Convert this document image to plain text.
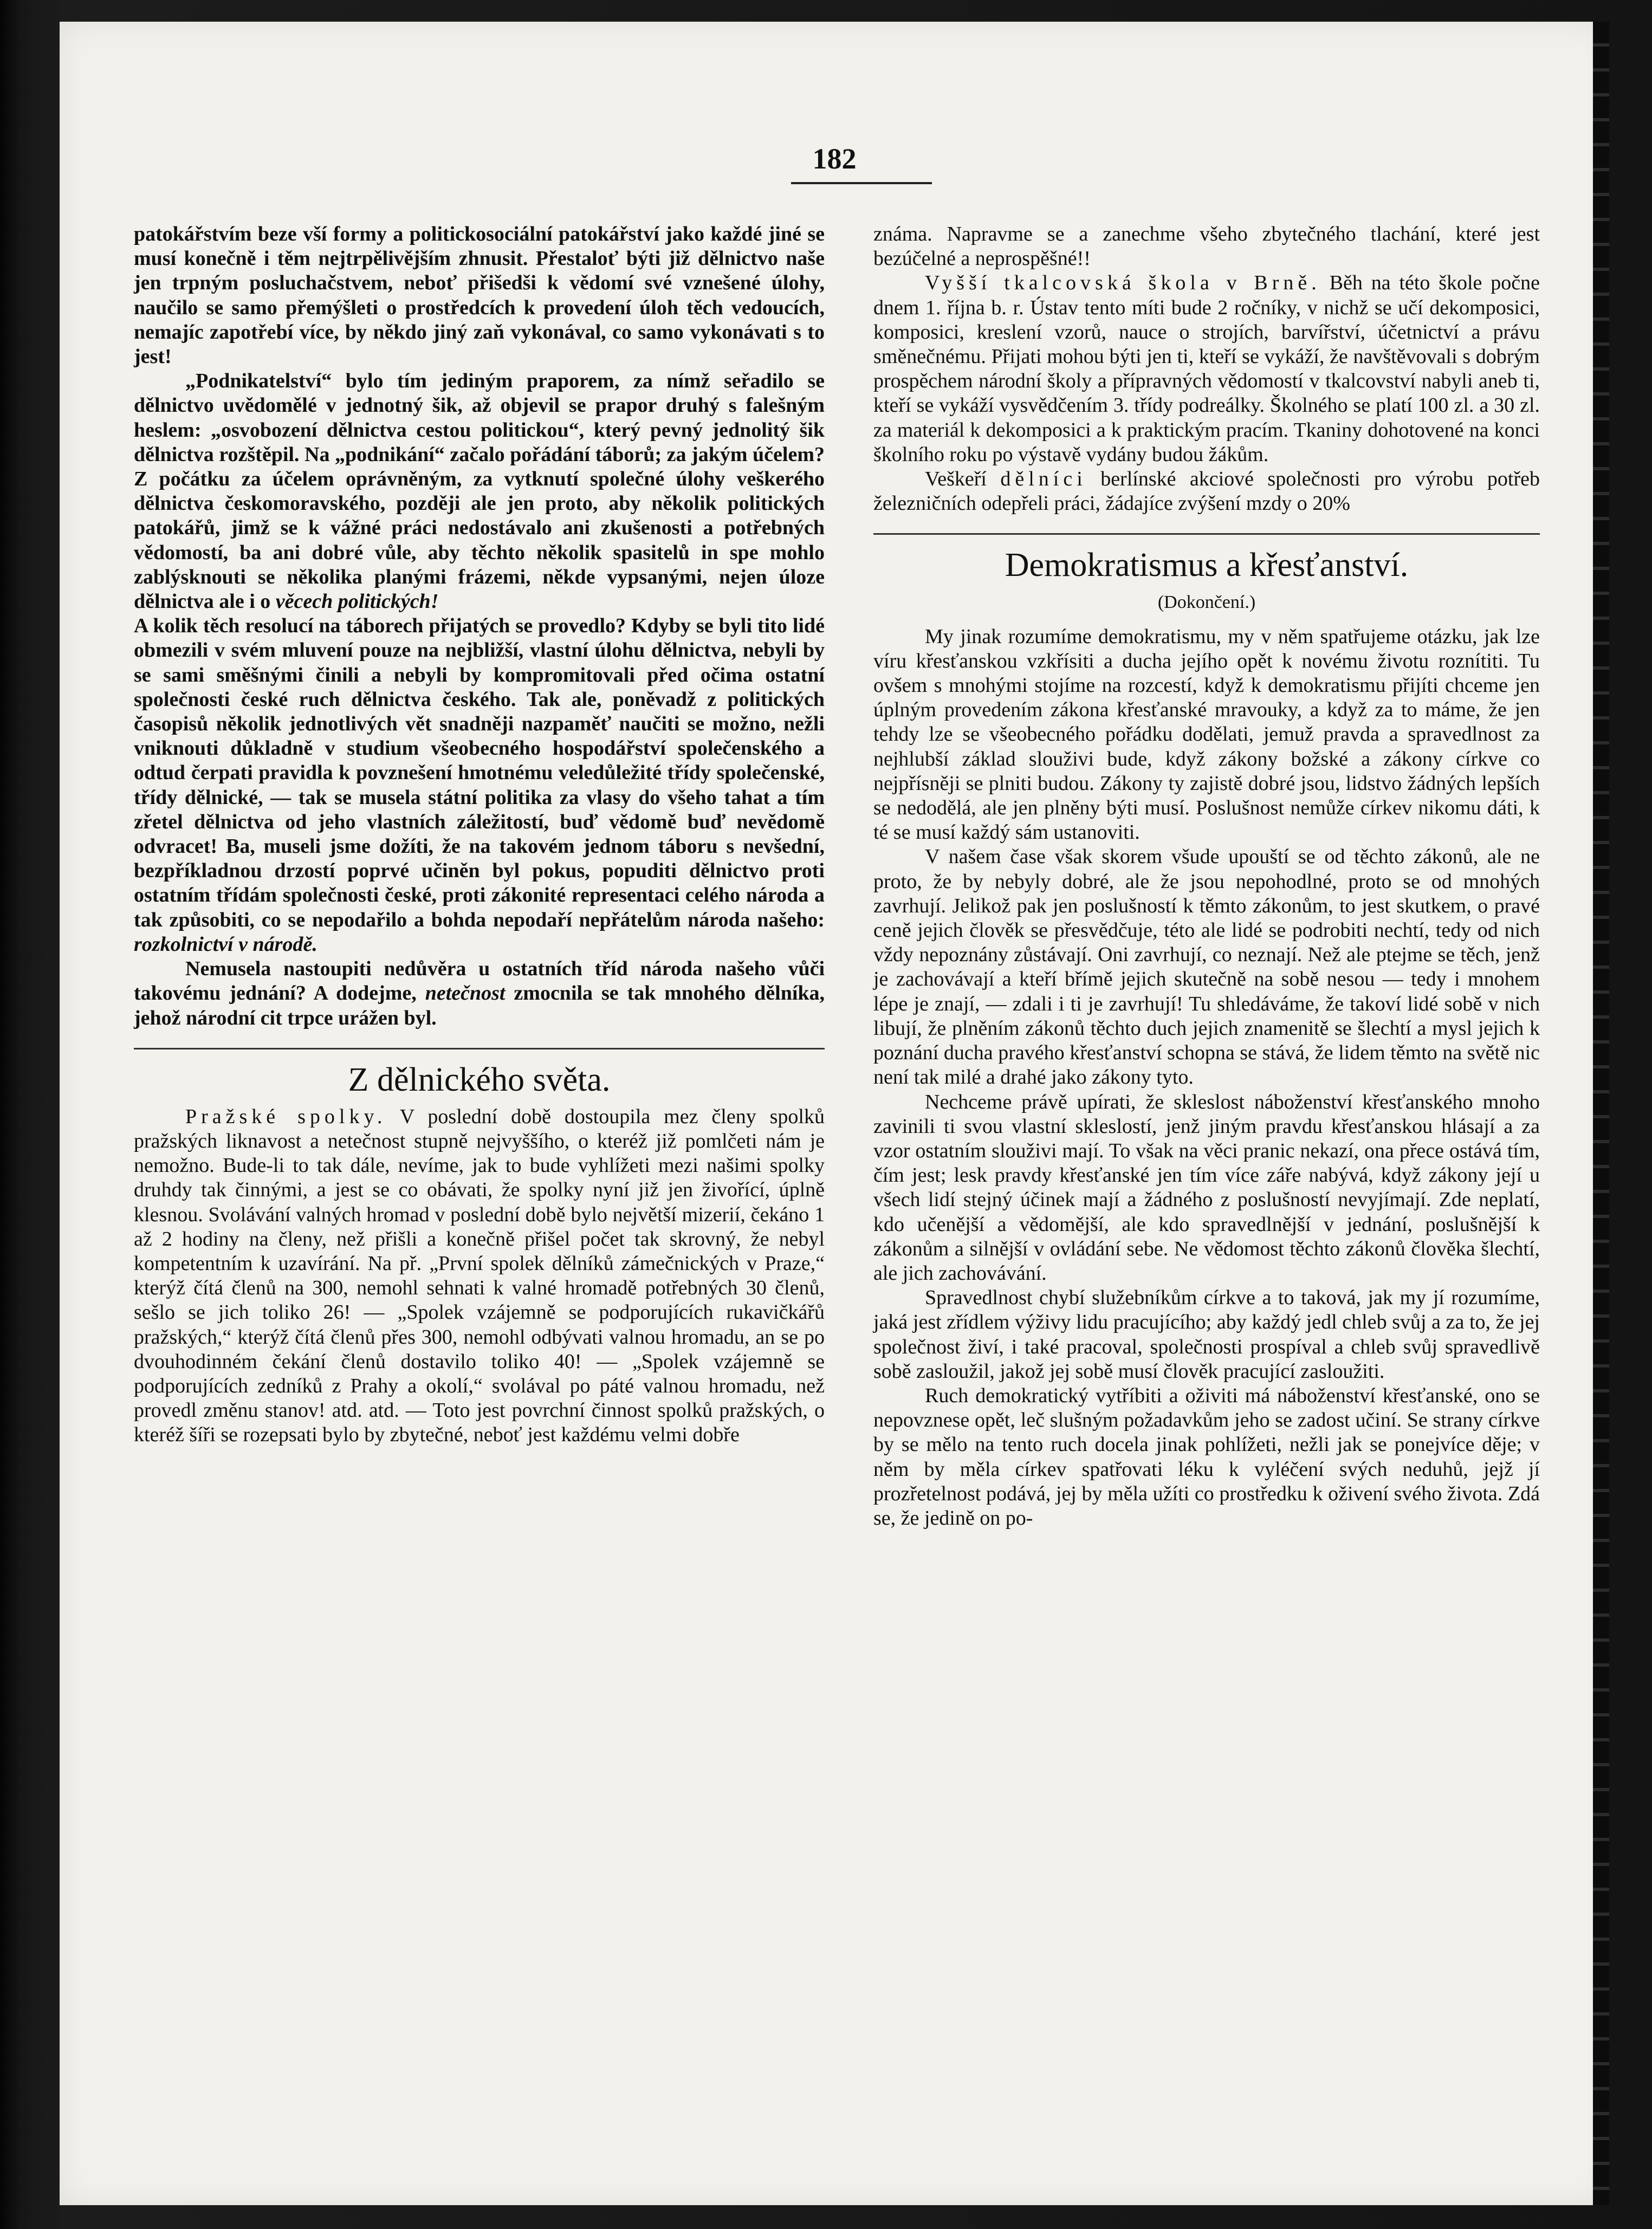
182

patokářstvím beze vší formy a politickosociální patokářství jako každé jiné se musí konečně i těm nejtrpělivějším zhnusit. Přestaloť býti již dělnictvo naše jen trpným posluchačstvem, neboť přišedši k vědomí své vznešené úlohy, naučilo se samo přemýšleti o prostředcích k provedení úloh těch vedoucích, nemajíc zapotřebí více, by někdo jiný zaň vykonával, co samo vykonávati s to jest!

„Podnikatelství“ bylo tím jediným praporem, za nímž seřadilo se dělnictvo uvědomělé v jednotný šik, až objevil se prapor druhý s falešným heslem: „osvobození dělnictva cestou politickou“, který pevný jednolitý šik dělnictva rozštěpil. Na „podnikání“ začalo pořádání táborů; za jakým účelem? Z počátku za účelem oprávněným, za vytknutí společné úlohy veškerého dělnictva českomoravského, později ale jen proto, aby několik politických patokářů, jimž se k vážné práci nedostávalo ani zkušenosti a potřebných vědomostí, ba ani dobré vůle, aby těchto několik spasitelů in spe mohlo zablýsknouti se několika planými frázemi, někde vypsanými, nejen úloze dělnictva ale i o věcech politických!

A kolik těch resolucí na táborech přijatých se provedlo? Kdyby se byli tito lidé obmezili v svém mluvení pouze na nejbližší, vlastní úlohu dělnictva, nebyli by se sami směšnými činili a nebyli by kompromitovali před očima ostatní společnosti české ruch dělnictva českého. Tak ale, poněvadž z politických časopisů několik jednotlivých vět snadněji nazpaměť naučiti se možno, nežli vniknouti důkladně v studium všeobecného hospodářství společenského a odtud čerpati pravidla k povznešení hmotnému veledůležité třídy společenské, třídy dělnické, — tak se musela státní politika za vlasy do všeho tahat a tím zřetel dělnictva od jeho vlastních záležitostí, buď vědomě buď nevědomě odvracet! Ba, museli jsme dožíti, že na takovém jednom táboru s nevšední, bezpříkladnou drzostí poprvé učiněn byl pokus, popuditi dělnictvo proti ostatním třídám společnosti české, proti zákonité representaci celého národa a tak způsobiti, co se nepodařilo a bohda nepodaří nepřátelům národa našeho: rozkolnictví v národě.

Nemusela nastoupiti nedůvěra u ostatních tříd národa našeho vůči takovému jednání? A dodejme, netečnost zmocnila se tak mnohého dělníka, jehož národní cit trpce urážen byl.

Z dělnického světa.

Pražské spolky. V poslední době dostoupila mez členy spolků pražských liknavost a netečnost stupně nejvyššího, o kteréž již pomlčeti nám je nemožno. Bude-li to tak dále, nevíme, jak to bude vyhlížeti mezi našimi spolky druhdy tak činnými, a jest se co obávati, že spolky nyní již jen živořící, úplně klesnou. Svolávání valných hromad v poslední době bylo největší mizerií, čekáno 1 až 2 hodiny na členy, než přišli a konečně přišel počet tak skrovný, že nebyl kompetentním k uzavírání. Na př. „První spolek dělníků zámečnických v Praze,“ kterýž čítá členů na 300, nemohl sehnati k valné hromadě potřebných 30 členů, sešlo se jich toliko 26! — „Spolek vzájemně se podporujících rukavičkářů pražských,“ kterýž čítá členů přes 300, nemohl odbývati valnou hromadu, an se po dvouhodinném čekání členů dostavilo toliko 40! — „Spolek vzájemně se podporujících zedníků z Prahy a okolí,“ svolával po páté valnou hromadu, než provedl změnu stanov! atd. atd. — Toto jest povrchní činnost spolků pražských, o kteréž šíři se rozepsati bylo by zbytečné, neboť jest každému velmi dobře

známa. Napravme se a zanechme všeho zbytečného tlachání, které jest bezúčelné a neprospěšné!!

Vyšší tkalcovská škola v Brně. Běh na této škole počne dnem 1. října b. r. Ústav tento míti bude 2 ročníky, v nichž se učí dekomposici, komposici, kreslení vzorů, nauce o strojích, barvířství, účetnictví a právu směnečnému. Přijati mohou býti jen ti, kteří se vykáží, že navštěvovali s dobrým prospěchem národní školy a přípravných vědomostí v tkalcovství nabyli aneb ti, kteří se vykáží vysvědčením 3. třídy podreálky. Školného se platí 100 zl. a 30 zl. za materiál k dekomposici a k praktickým pracím. Tkaniny dohotovené na konci školního roku po výstavě vydány budou žákům.

Veškeří dělníci berlínské akciové společnosti pro výrobu potřeb železničních odepřeli práci, žádajíce zvýšení mzdy o 20%

Demokratismus a křesťanství.
(Dokončení.)

My jinak rozumíme demokratismu, my v něm spatřujeme otázku, jak lze víru křesťanskou vzkřísiti a ducha jejího opět k novému životu roznítiti. Tu ovšem s mnohými stojíme na rozcestí, když k demokratismu přijíti chceme jen úplným provedením zákona křesťanské mravouky, a když za to máme, že jen tehdy lze se všeobecného pořádku dodělati, jemuž pravda a spravedlnost za nejhlubší základ slouživi bude, když zákony božské a zákony církve co nejpřísněji se plniti budou. Zákony ty zajistě dobré jsou, lidstvo žádných lepších se nedodělá, ale jen plněny býti musí. Poslušnost nemůže církev nikomu dáti, k té se musí každý sám ustanoviti.

V našem čase však skorem všude upouští se od těchto zákonů, ale ne proto, že by nebyly dobré, ale že jsou nepohodlné, proto se od mnohých zavrhují. Jelikož pak jen poslušností k těmto zákonům, to jest skutkem, o pravé ceně jejich člověk se přesvědčuje, této ale lidé se podrobiti nechtí, tedy od nich vždy nepoznány zůstávají. Oni zavrhují, co neznají. Než ale ptejme se těch, jenž je zachovávají a kteří břímě jejich skutečně na sobě nesou — tedy i mnohem lépe je znají, — zdali i ti je zavrhují! Tu shledáváme, že takoví lidé sobě v nich libují, že plněním zákonů těchto duch jejich znamenitě se šlechtí a mysl jejich k poznání ducha pravého křesťanství schopna se stává, že lidem těmto na světě nic není tak milé a drahé jako zákony tyto.

Nechceme právě upírati, že skleslost náboženství křesťanského mnoho zavinili ti svou vlastní skleslostí, jenž jiným pravdu křesťanskou hlásají a za vzor ostatním slouživi mají. To však na věci pranic nekazí, ona přece ostává tím, čím jest; lesk pravdy křesťanské jen tím více záře nabývá, když zákony její u všech lidí stejný účinek mají a žádného z poslušností nevyjímají. Zde neplatí, kdo učenější a vědomější, ale kdo spravedlnější v jednání, poslušnější k zákonům a silnější v ovládání sebe. Ne vědomost těchto zákonů člověka šlechtí, ale jich zachovávání.

Spravedlnost chybí služebníkům církve a to taková, jak my jí rozumíme, jaká jest zřídlem výživy lidu pracujícího; aby každý jedl chleb svůj a za to, že jej společnost živí, i také pracoval, společnosti prospíval a chleb svůj spravedlivě sobě zasloužil, jakož jej sobě musí člověk pracující zasloužiti.

Ruch demokratický vytříbiti a oživiti má náboženství křesťanské, ono se nepovznese opět, leč slušným požadavkům jeho se zadost učiní. Se strany církve by se mělo na tento ruch docela jinak pohlížeti, nežli jak se ponejvíce děje; v něm by měla církev spatřovati léku k vyléčení svých neduhů, jejž jí prozřetelnost podává, jej by měla užíti co prostředku k oživení svého života. Zdá se, že jedině on po-
